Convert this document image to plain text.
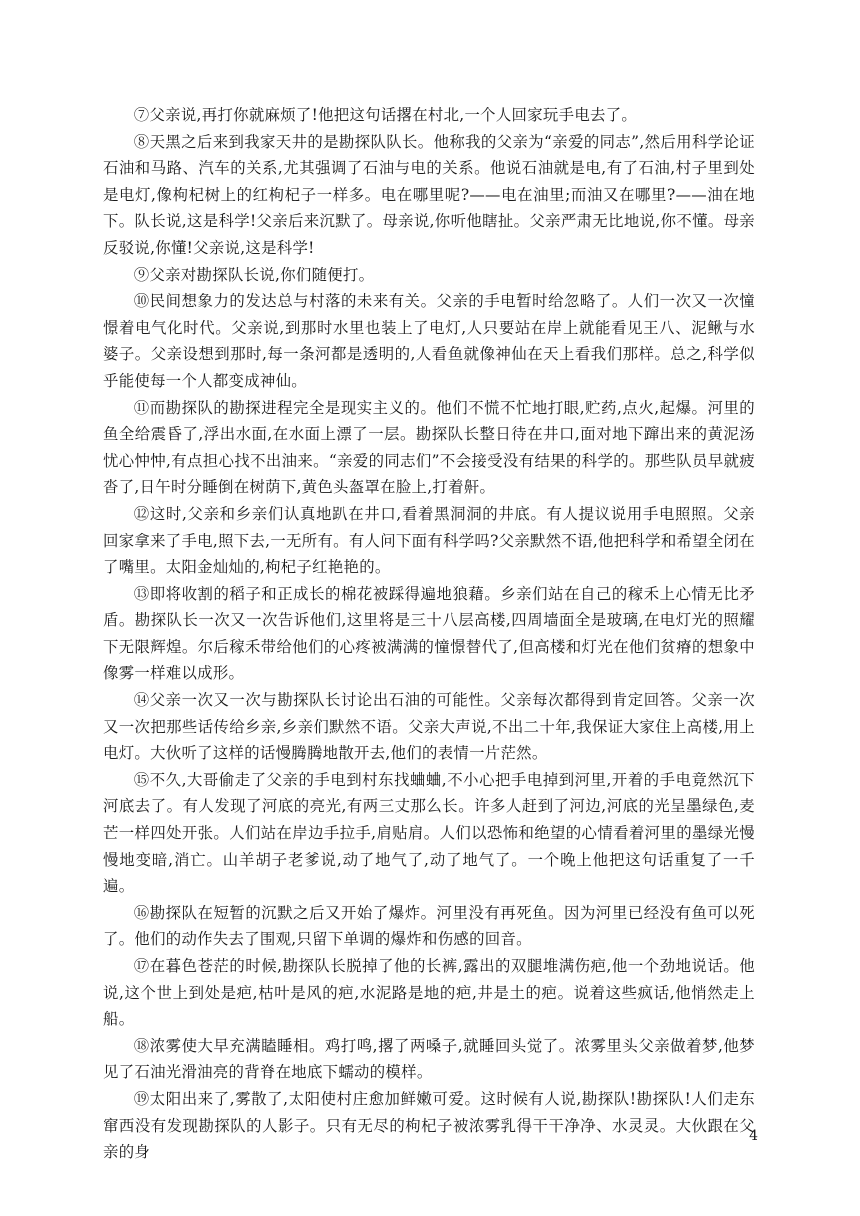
⑦父亲说,再打你就麻烦了!他把这句话撂在村北,一个人回家玩手电去了。

⑧天黑之后来到我家天井的是勘探队队长。他称我的父亲为“亲爱的同志”,然后用科学论证石油和马路、汽车的关系,尤其强调了石油与电的关系。他说石油就是电,有了石油,村子里到处是电灯,像枸杞树上的红枸杞子一样多。电在哪里呢?——电在油里;而油又在哪里?——油在地下。队长说,这是科学!父亲后来沉默了。母亲说,你听他瞎扯。父亲严肃无比地说,你不懂。母亲反驳说,你懂!父亲说,这是科学!

⑨父亲对勘探队长说,你们随便打。

⑩民间想象力的发达总与村落的未来有关。父亲的手电暂时给忽略了。人们一次又一次憧憬着电气化时代。父亲说,到那时水里也装上了电灯,人只要站在岸上就能看见王八、泥鳅与水婆子。父亲设想到那时,每一条河都是透明的,人看鱼就像神仙在天上看我们那样。总之,科学似乎能使每一个人都变成神仙。

⑪而勘探队的勘探进程完全是现实主义的。他们不慌不忙地打眼,贮药,点火,起爆。河里的鱼全给震昏了,浮出水面,在水面上漂了一层。勘探队长整日待在井口,面对地下蹿出来的黄泥汤忧心忡忡,有点担心找不出油来。“亲爱的同志们”不会接受没有结果的科学的。那些队员早就疲沓了,日午时分睡倒在树荫下,黄色头盔罩在脸上,打着鼾。

⑫这时,父亲和乡亲们认真地趴在井口,看着黑洞洞的井底。有人提议说用手电照照。父亲回家拿来了手电,照下去,一无所有。有人问下面有科学吗?父亲默然不语,他把科学和希望全闭在了嘴里。太阳金灿灿的,枸杞子红艳艳的。

⑬即将收割的稻子和正成长的棉花被踩得遍地狼藉。乡亲们站在自己的稼禾上心情无比矛盾。勘探队长一次又一次告诉他们,这里将是三十八层高楼,四周墙面全是玻璃,在电灯光的照耀下无限辉煌。尔后稼禾带给他们的心疼被满满的憧憬替代了,但高楼和灯光在他们贫瘠的想象中像雾一样难以成形。

⑭父亲一次又一次与勘探队长讨论出石油的可能性。父亲每次都得到肯定回答。父亲一次又一次把那些话传给乡亲,乡亲们默然不语。父亲大声说,不出二十年,我保证大家住上高楼,用上电灯。大伙听了这样的话慢腾腾地散开去,他们的表情一片茫然。

⑮不久,大哥偷走了父亲的手电到村东找蛐蛐,不小心把手电掉到河里,开着的手电竟然沉下河底去了。有人发现了河底的亮光,有两三丈那么长。许多人赶到了河边,河底的光呈墨绿色,麦芒一样四处开张。人们站在岸边手拉手,肩贴肩。人们以恐怖和绝望的心情看着河里的墨绿光慢慢地变暗,消亡。山羊胡子老爹说,动了地气了,动了地气了。一个晚上他把这句话重复了一千遍。

⑯勘探队在短暂的沉默之后又开始了爆炸。河里没有再死鱼。因为河里已经没有鱼可以死了。他们的动作失去了围观,只留下单调的爆炸和伤感的回音。

⑰在暮色苍茫的时候,勘探队长脱掉了他的长裤,露出的双腿堆满伤疤,他一个劲地说话。他说,这个世上到处是疤,枯叶是风的疤,水泥路是地的疤,井是土的疤。说着这些疯话,他悄然走上船。

⑱浓雾使大早充满瞌睡相。鸡打鸣,撂了两嗓子,就睡回头觉了。浓雾里头父亲做着梦,他梦见了石油光滑油亮的背脊在地底下蠕动的模样。

⑲太阳出来了,雾散了,太阳使村庄愈加鲜嫩可爱。这时候有人说,勘探队!勘探队!人们走东窜西没有发现勘探队的人影子。只有无尽的枸杞子被浓雾乳得干干净净、水灵灵。大伙跟在父亲的身

4
